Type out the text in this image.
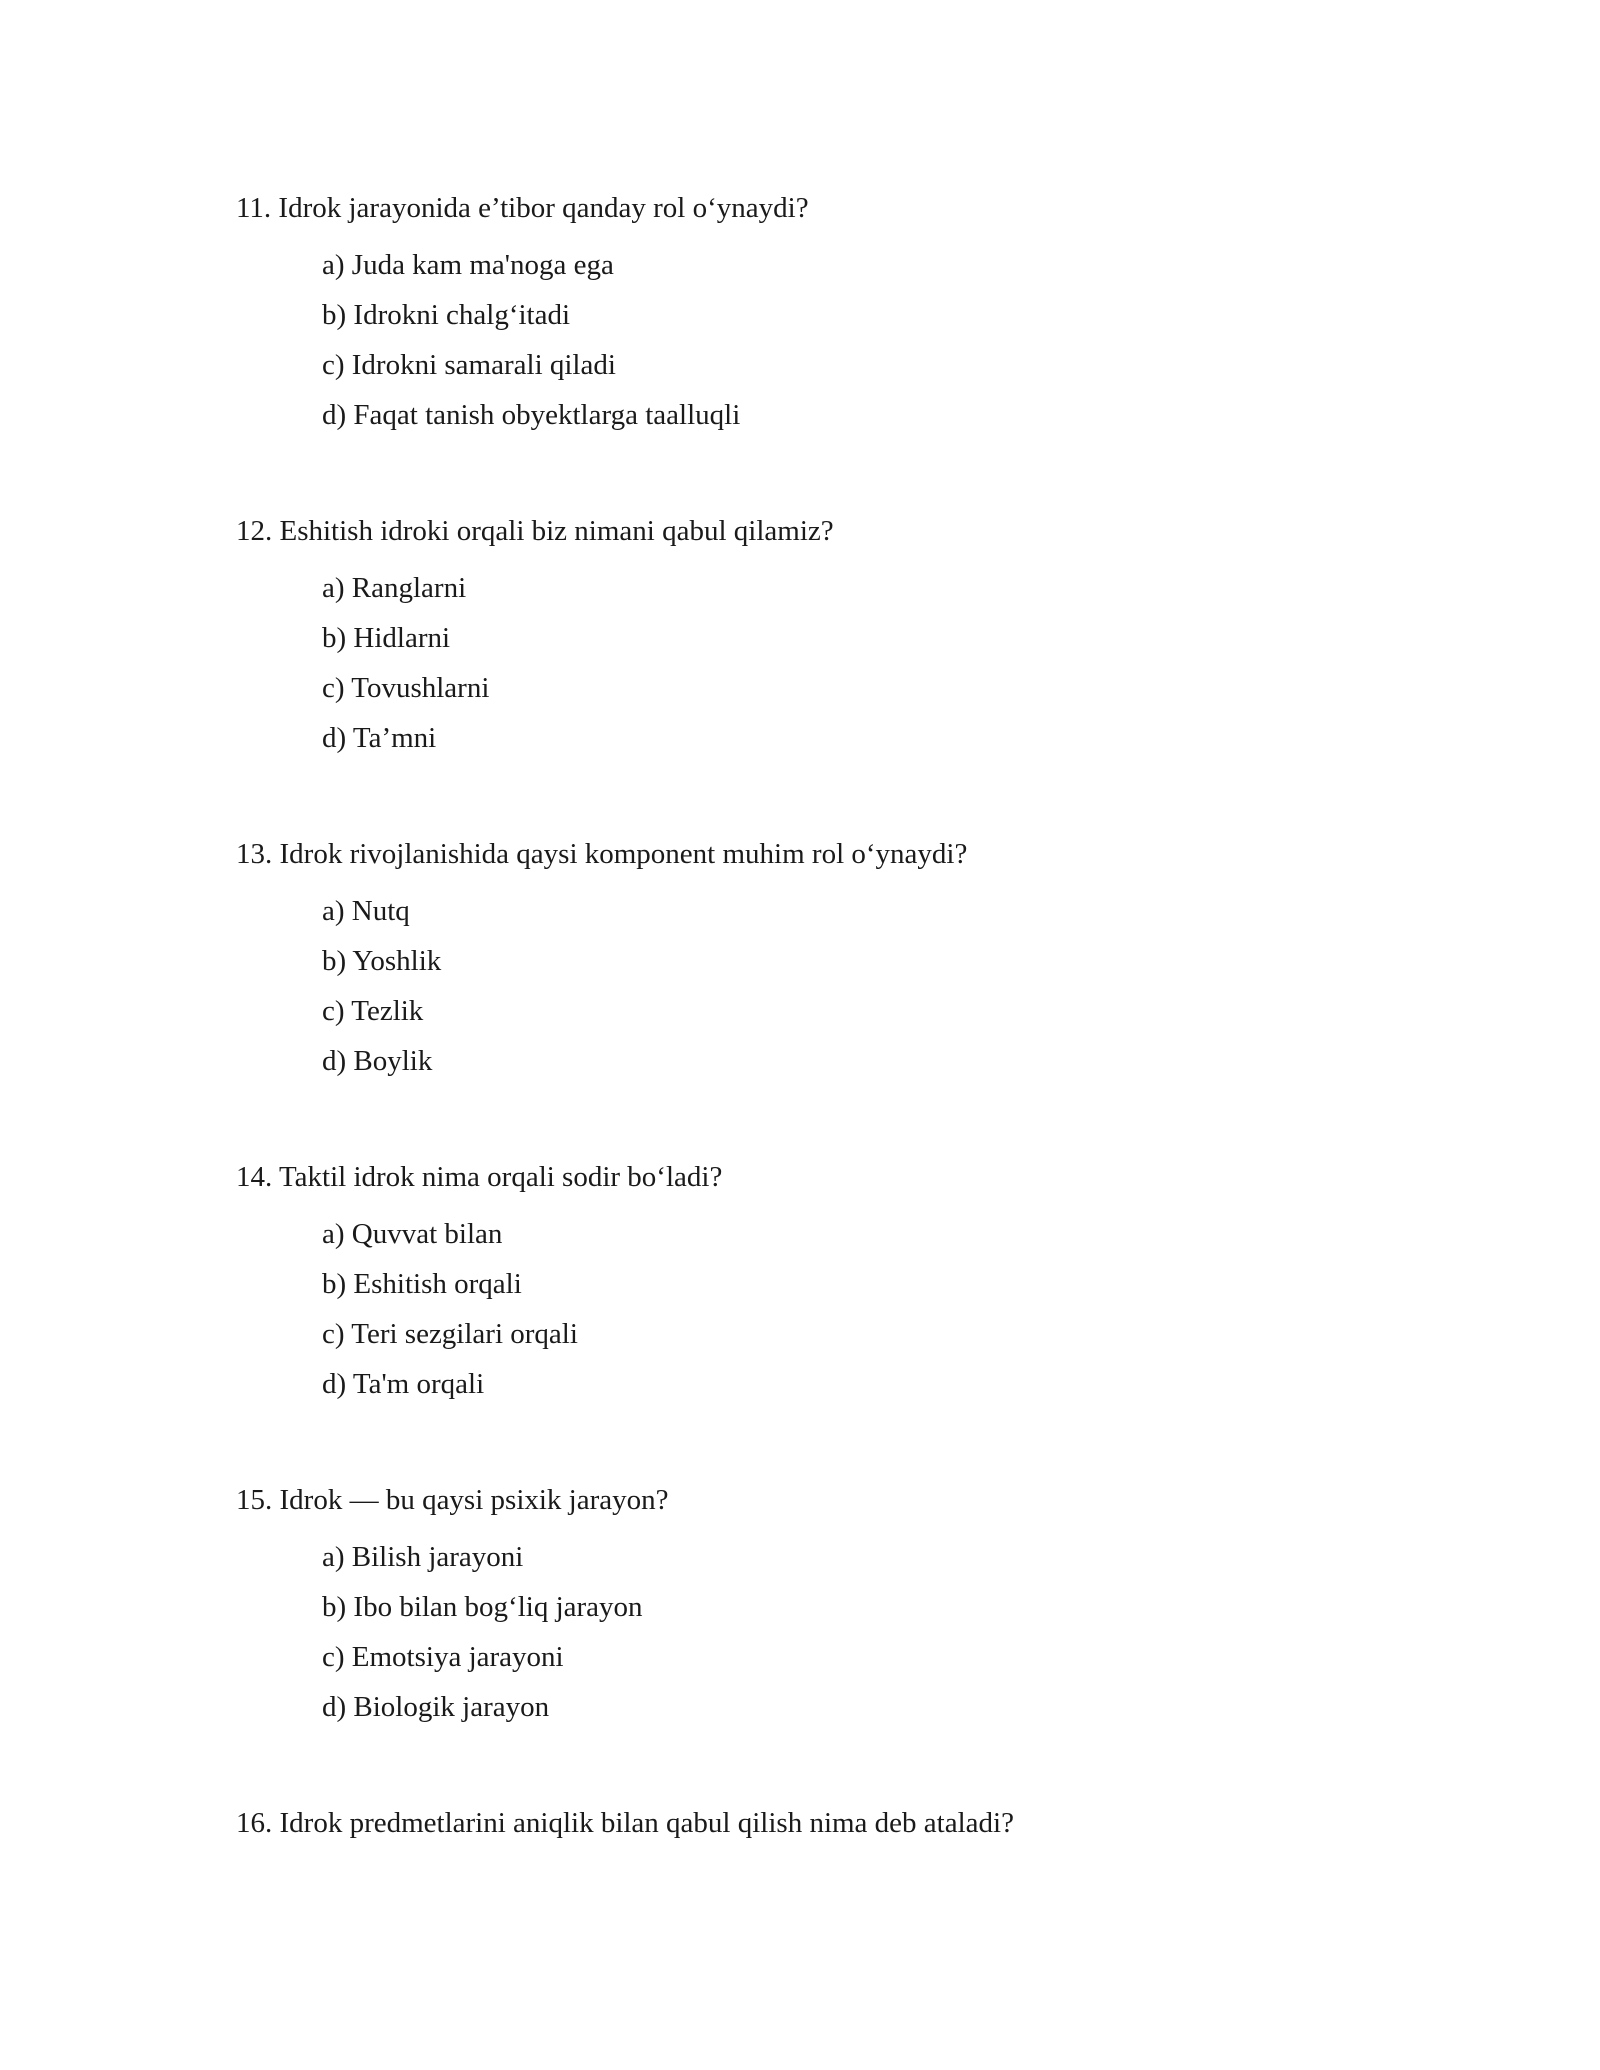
11. Idrok jarayonida e’tibor qanday rol o‘ynaydi?
a) Juda kam ma'noga ega
b) Idrokni chalg‘itadi
c) Idrokni samarali qiladi
d) Faqat tanish obyektlarga taalluqli
12. Eshitish idroki orqali biz nimani qabul qilamiz?
a) Ranglarni
b) Hidlarni
c) Tovushlarni
d) Ta’mni
13. Idrok rivojlanishida qaysi komponent muhim rol o‘ynaydi?
a) Nutq
b) Yoshlik
c) Tezlik
d) Boylik
14. Taktil idrok nima orqali sodir bo‘ladi?
a) Quvvat bilan
b) Eshitish orqali
c) Teri sezgilari orqali
d) Ta'm orqali
15. Idrok — bu qaysi psixik jarayon?
a) Bilish jarayoni
b) Ibo bilan bog‘liq jarayon
c) Emotsiya jarayoni
d) Biologik jarayon
16. Idrok predmetlarini aniqlik bilan qabul qilish nima deb ataladi?
